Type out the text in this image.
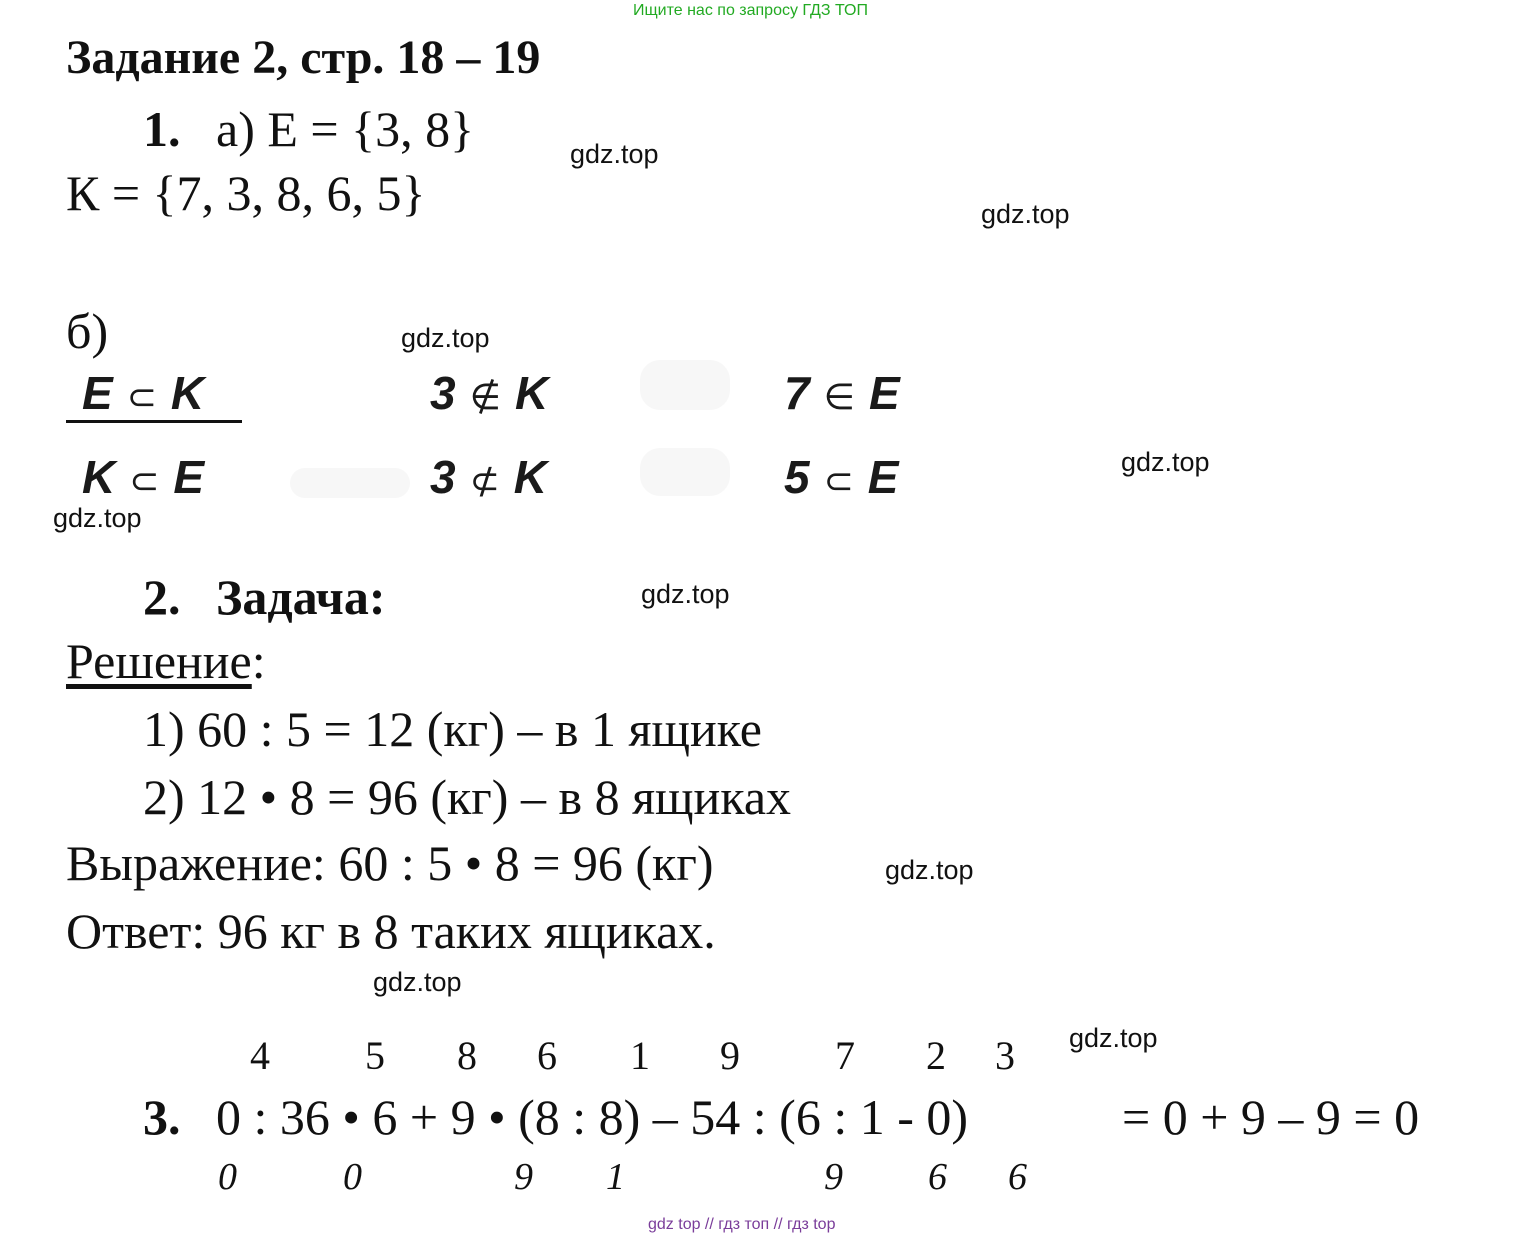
Ищите нас по запросу ГДЗ ТОП
Задание 2, стр. 18 – 19
1. а) Е = {3, 8}
К = {7, 3, 8, 6, 5}
б)
E ⊂ K	3 ∉ K	7 ∈ E
K ⊂ E	3 ⊄ K	5 ⊂ E
2. Задача:
Решение:
1) 60 : 5 = 12 (кг) – в 1 ящике
2) 12 • 8 = 96 (кг) – в 8 ящиках
Выражение: 60 : 5 • 8 = 96 (кг)
Ответ: 96 кг в 8 таких ящиках.
4 5 8 6 1 9 7 2 3
3. 0 : 36 • 6 + 9 • (8 : 8) – 54 : (6 : 1 - 0)	= 0 + 9 – 9 = 0
0	0	9 1	9 6 6
gdz.top
gdz.top
gdz.top
gdz.top
gdz.top
gdz.top
gdz.top
gdz.top
gdz.top
gdz top // гдз топ // гдз top
